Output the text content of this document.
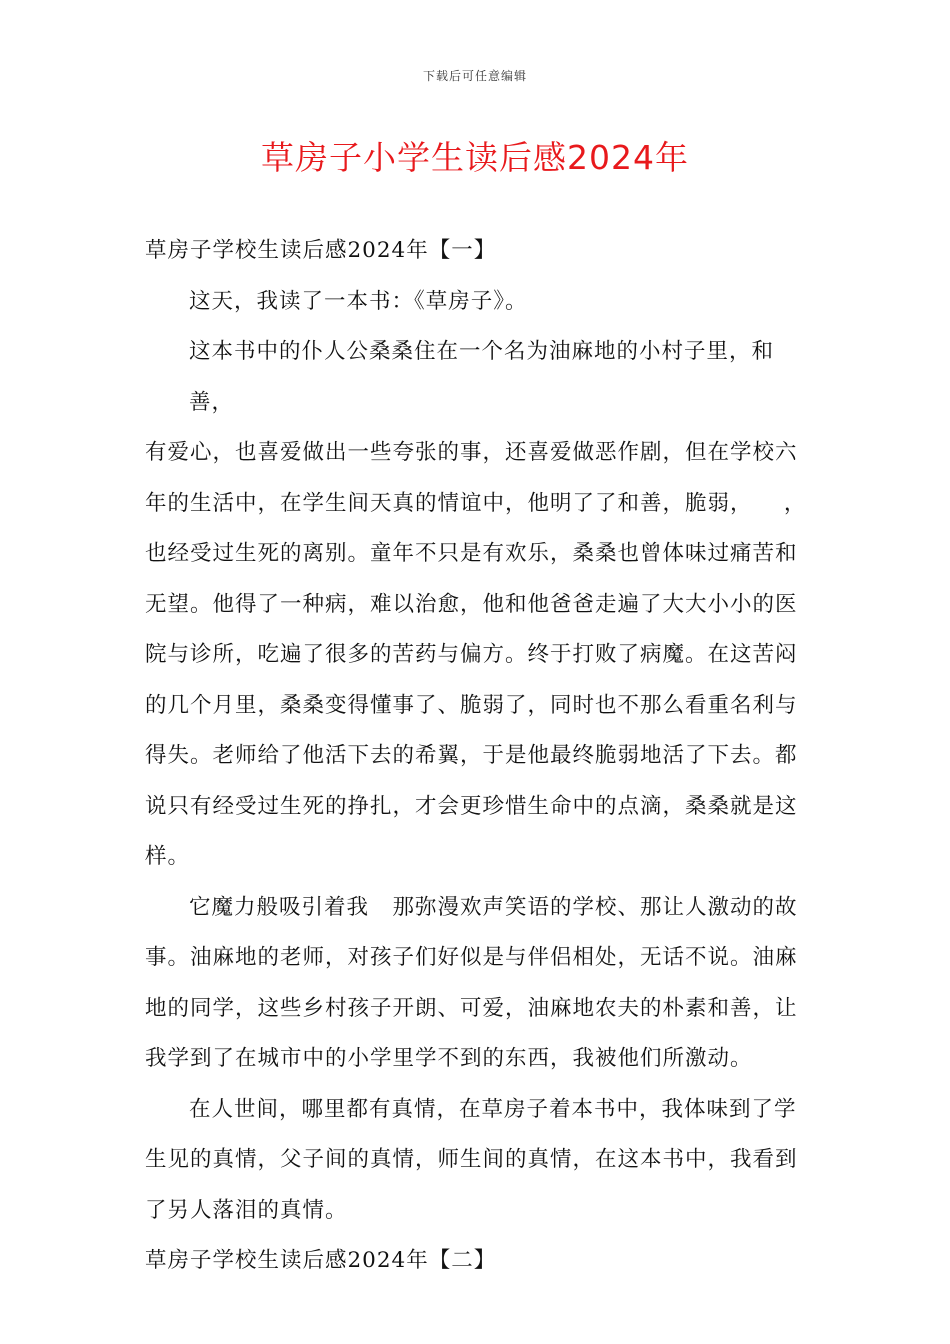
下载后可任意编辑
草房子小学生读后感2024年
草房子学校生读后感2024年【一】
这天，我读了一本书：《草房子》。
这本书中的仆人公桑桑住在一个名为油麻地的小村子里，和善，
有爱心，也喜爱做出一些夸张的事，还喜爱做恶作剧，但在学校六
年的生活中，在学生间天真的情谊中，他明了了和善，脆弱，    ，
也经受过生死的离别。童年不只是有欢乐，桑桑也曾体味过痛苦和
无望。他得了一种病，难以治愈，他和他爸爸走遍了大大小小的医
院与诊所，吃遍了很多的苦药与偏方。终于打败了病魔。在这苦闷
的几个月里，桑桑变得懂事了、脆弱了，同时也不那么看重名利与
得失。老师给了他活下去的希翼，于是他最终脆弱地活了下去。都
说只有经受过生死的挣扎，才会更珍惜生命中的点滴，桑桑就是这
样。
它魔力般吸引着我   那弥漫欢声笑语的学校、那让人激动的故
事。油麻地的老师，对孩子们好似是与伴侣相处，无话不说。油麻
地的同学，这些乡村孩子开朗、可爱，油麻地农夫的朴素和善，让
我学到了在城市中的小学里学不到的东西，我被他们所激动。
在人世间，哪里都有真情，在草房子着本书中，我体味到了学
生见的真情，父子间的真情，师生间的真情，在这本书中，我看到
了另人落泪的真情。
草房子学校生读后感2024年【二】
